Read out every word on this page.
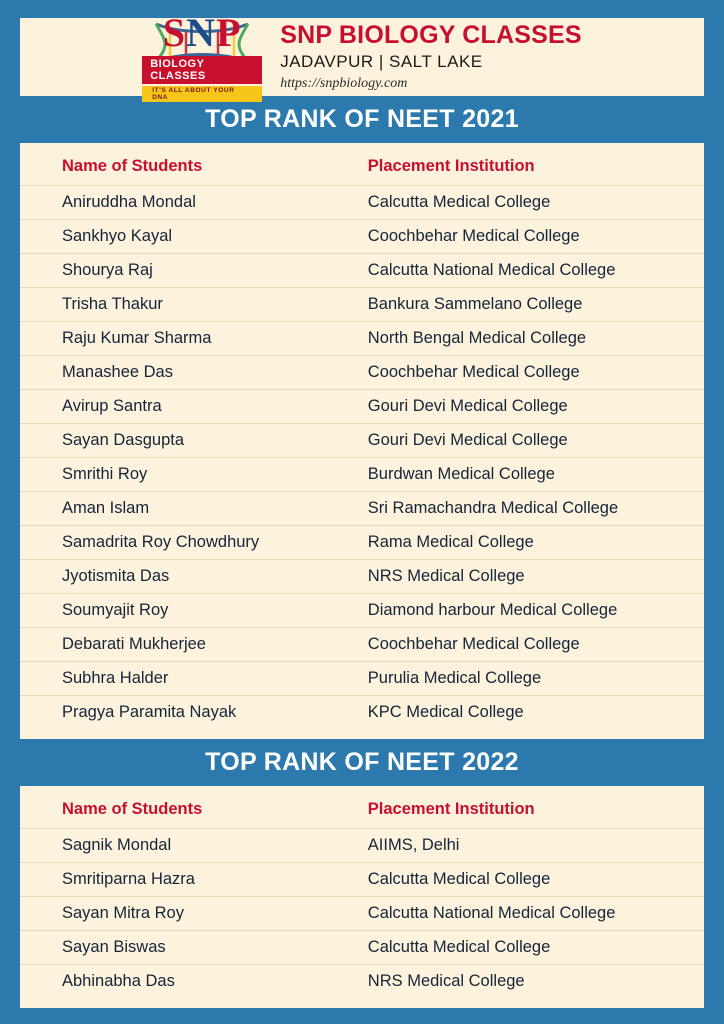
SNP
BIOLOGY CLASSES
IT'S ALL ABOUT YOUR DNA
SNP BIOLOGY CLASSES
JADAVPUR | SALT LAKE
https://snpbiology.com
TOP RANK OF NEET 2021
Name of Students	Placement Institution
Aniruddha Mondal	Calcutta Medical College
Sankhyo Kayal	Coochbehar Medical College
Shourya Raj	Calcutta National Medical College
Trisha Thakur	Bankura Sammelano College
Raju Kumar Sharma	North Bengal Medical College
Manashee Das	Coochbehar Medical College
Avirup Santra	Gouri Devi Medical College
Sayan Dasgupta	Gouri Devi Medical College
Smrithi Roy	Burdwan Medical College
Aman Islam	Sri Ramachandra Medical College
Samadrita Roy Chowdhury	Rama Medical College
Jyotismita Das	NRS Medical College
Soumyajit Roy	Diamond harbour Medical College
Debarati Mukherjee	Coochbehar Medical College
Subhra Halder	Purulia Medical College
Pragya Paramita Nayak	KPC Medical College
TOP RANK OF NEET 2022
Name of Students	Placement Institution
Sagnik Mondal	AIIMS, Delhi
Smritiparna Hazra	Calcutta Medical College
Sayan Mitra Roy	Calcutta National Medical College
Sayan Biswas	Calcutta Medical College
Abhinabha Das	NRS Medical College
